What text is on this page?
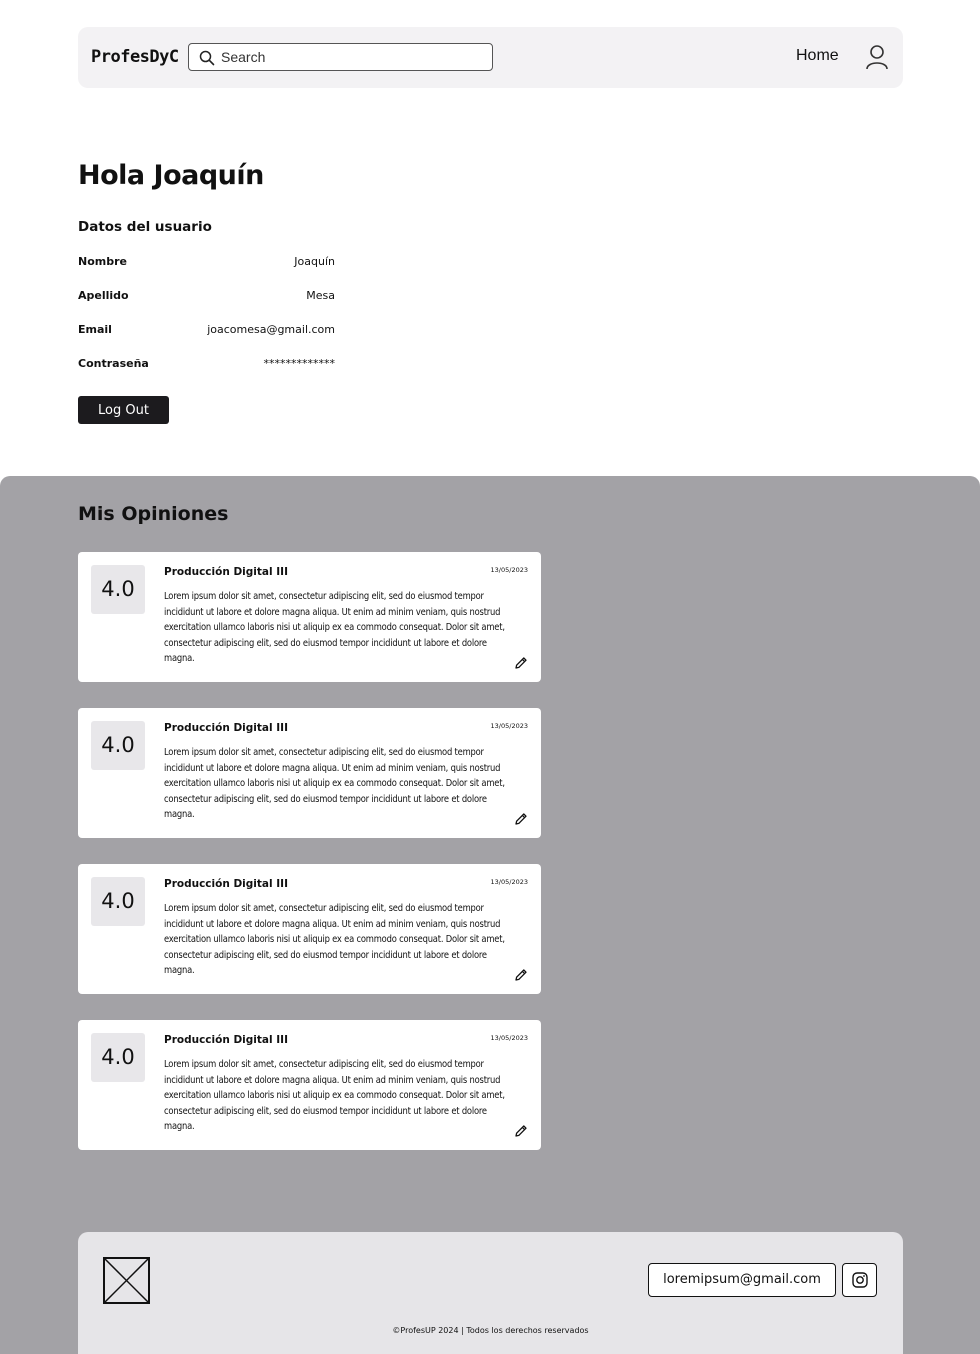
ProfesDyC
Search	Home
Hola Joaquín
Datos del usuario
Nombre	Joaquín
Apellido	Mesa
Email	joacomesa@gmail.com
Contraseña	*************
Log Out
Mis Opiniones
4.0
Producción Digital III	13/05/2023
Lorem ipsum dolor sit amet, consectetur adipiscing elit, sed do eiusmod tempor incididunt ut labore et dolore magna aliqua. Ut enim ad minim veniam, quis nostrud exercitation ullamco laboris nisi ut aliquip ex ea commodo consequat. Dolor sit amet, consectetur adipiscing elit, sed do eiusmod tempor incididunt ut labore et dolore magna.
4.0
Producción Digital III	13/05/2023
Lorem ipsum dolor sit amet, consectetur adipiscing elit, sed do eiusmod tempor incididunt ut labore et dolore magna aliqua. Ut enim ad minim veniam, quis nostrud exercitation ullamco laboris nisi ut aliquip ex ea commodo consequat. Dolor sit amet, consectetur adipiscing elit, sed do eiusmod tempor incididunt ut labore et dolore magna.
4.0
Producción Digital III	13/05/2023
Lorem ipsum dolor sit amet, consectetur adipiscing elit, sed do eiusmod tempor incididunt ut labore et dolore magna aliqua. Ut enim ad minim veniam, quis nostrud exercitation ullamco laboris nisi ut aliquip ex ea commodo consequat. Dolor sit amet, consectetur adipiscing elit, sed do eiusmod tempor incididunt ut labore et dolore magna.
4.0
Producción Digital III	13/05/2023
Lorem ipsum dolor sit amet, consectetur adipiscing elit, sed do eiusmod tempor incididunt ut labore et dolore magna aliqua. Ut enim ad minim veniam, quis nostrud exercitation ullamco laboris nisi ut aliquip ex ea commodo consequat. Dolor sit amet, consectetur adipiscing elit, sed do eiusmod tempor incididunt ut labore et dolore magna.
loremipsum@gmail.com
©ProfesUP 2024 | Todos los derechos reservados
